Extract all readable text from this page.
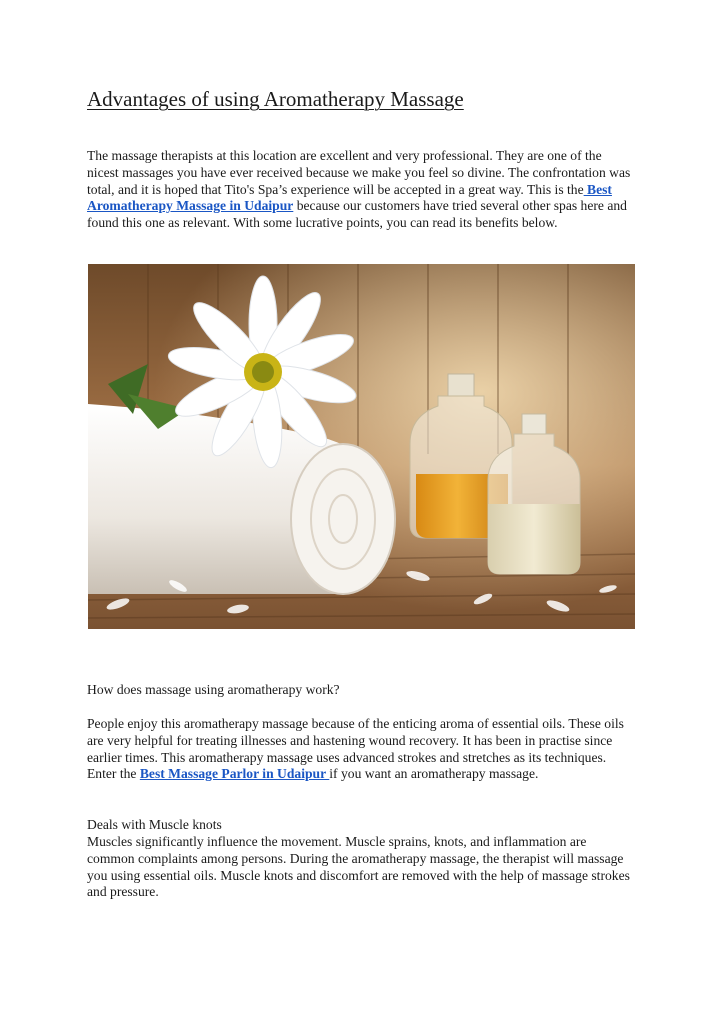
Advantages of using Aromatherapy Massage

The massage therapists at this location are excellent and very professional. They are one of the nicest massages you have ever received because we make you feel so divine. The confrontation was total, and it is hoped that Tito's Spa’s experience will be accepted in a great way. This is the Best Aromatherapy Massage in Udaipur because our customers have tried several other spas here and found this one as relevant. With some lucrative points, you can read its benefits below.

How does massage using aromatherapy work?

People enjoy this aromatherapy massage because of the enticing aroma of essential oils. These oils are very helpful for treating illnesses and hastening wound recovery. It has been in practise since earlier times. This aromatherapy massage uses advanced strokes and stretches as its techniques. Enter the Best Massage Parlor in Udaipur if you want an aromatherapy massage.

Deals with Muscle knots

Muscles significantly influence the movement. Muscle sprains, knots, and inflammation are common complaints among persons. During the aromatherapy massage, the therapist will massage you using essential oils. Muscle knots and discomfort are removed with the help of massage strokes and pressure.
